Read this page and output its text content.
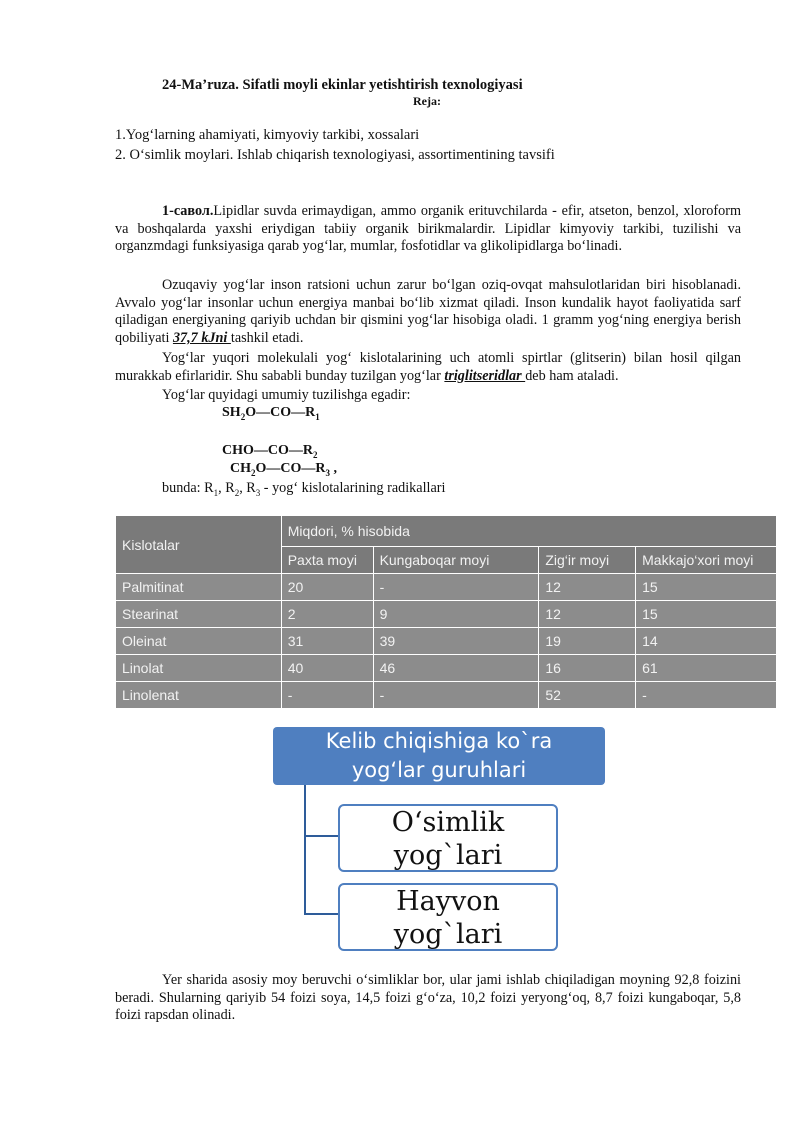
24-Ma’ruza. Sifatli moyli ekinlar yetishtirish texnologiyasi
Reja:
1.Yog‘larning ahamiyati, kimyoviy tarkibi, xossalari
2. O‘simlik moylari. Ishlab chiqarish texnologiyasi, assortimentining tavsifi
1-савол.Lipidlar suvda erimaydigan, ammo organik erituvchilarda - efir, atseton, benzol, xloroform va boshqalarda yaxshi eriydigan tabiiy organik birikmalardir. Lipidlar kimyoviy tarkibi, tuzilishi va organzmdagi funksiyasiga qarab yog‘lar, mumlar, fosfotidlar va glikolipidlarga bo‘linadi.
Ozuqaviy yog‘lar inson ratsioni uchun zarur bo‘lgan oziq-ovqat mahsulotlaridan biri hisoblanadi. Avvalo yog‘lar insonlar uchun energiya manbai bo‘lib xizmat qiladi. Inson kundalik hayot faoliyatida sarf qiladigan energiyaning qariyib uchdan bir qismini yog‘lar hisobiga oladi. 1 gramm yog‘ning energiya berish qobiliyati 37,7 kJni tashkil etadi.
Yog‘lar yuqori molekulali yog‘ kislotalarining uch atomli spirtlar (glitserin) bilan hosil qilgan murakkab efirlaridir. Shu sababli bunday tuzilgan yog‘lar triglitseridlar deb ham ataladi.
Yog‘lar quyidagi umumiy tuzilishga egadir:
$SH_2O—CO—R_1$
$CHO—CO—R_2$
$CH_2O—CO—R_3$ ,
bunda: $R_1$, $R_2$, $R_3$ - yog‘ kislotalarining radikallari
Kislotalar	Miqdori, % hisobida			
	Paxta moyi	Kungaboqar moyi	Zig‘ir moyi	Makkajo‘xori moyi
Palmitinat	20	-	12	15
Stearinat	2	9	12	15
Oleinat	31	39	19	14
Linolat	40	46	16	61
Linolenat	-	-	52	-
Kelib chiqishiga ko`ra
yog‘lar guruhlari
O‘simlik
yog`lari
Hayvon
yog`lari
Yer sharida asosiy moy beruvchi o‘simliklar bor, ular jami ishlab chiqiladigan moyning 92,8 foizini beradi. Shularning qariyib 54 foizi soya, 14,5 foizi g‘o‘za, 10,2 foizi yeryong‘oq, 8,7 foizi kungaboqar, 5,8 foizi rapsdan olinadi.
